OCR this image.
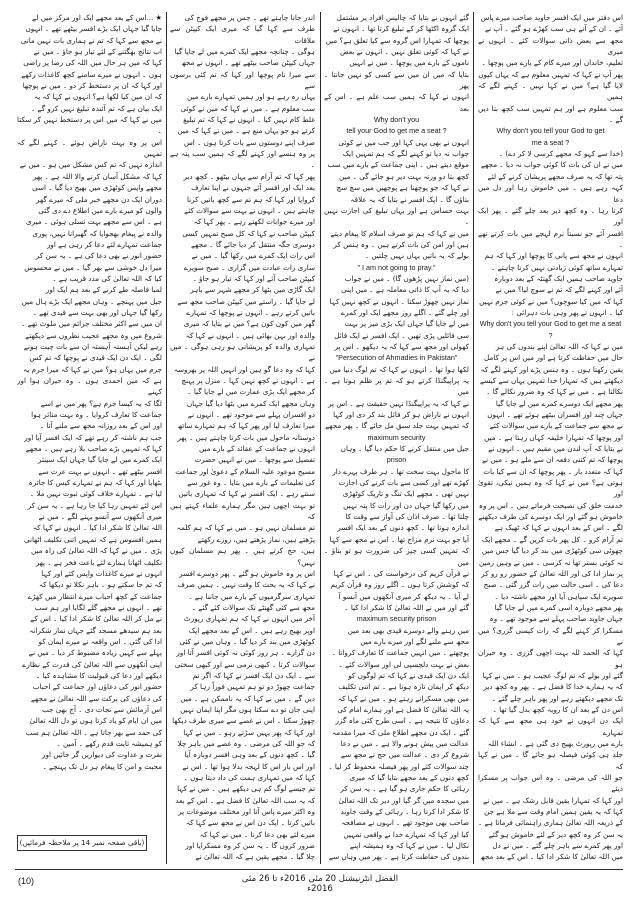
اس دفتر میں ایک افسر جاوید صاحب میرے پاس

آئے ۔ ان کے آتے ہی سب کھڑے ہو گئے ۔ آپ نے

مجھ سے بعض ذاتی سوالات کئے ۔ انہوں نے میری

تعلیم، خاندان اور میرے کام کے بارے میں پوچھا ۔

پھر آپ نے کہا کہ تمہیں معلوم ہے کہ یہاں کیوں

لایا گیا ہے؟ میں نے کہا نہیں ۔ کہنے لگے کہ ہمیں

سب معلوم ہے اور ہم تمہیں سب کچھ بتا دیں گے ۔

Why don't you tell your God to get

me a seat ?

(خدا سے کہو کہ مجھے کرسی لا کر دے) ۔

میں نے ان کی بات کا کوئی جواب نہ دیا ۔ مجھے

پتہ تھا کہ یہ صرف مجھے پریشان کرنے کے لئے

کہہ رہے ہیں ۔ میں خاموش رہا اور دل میں دعا

کرتا رہا ۔ وہ کچھ دیر بعد چلے گئے ۔ پھر ایک اور

افسر آئے جو نسبتاً نرم لہجے میں بات کرتے تھے ۔

انہوں نے مجھ سے پانی کا پوچھا اور کہا کہ ہم

تمہارے ساتھ کوئی زیادتی نہیں کرنا چاہتے ۔

جاوید صاحب ہمیں ایک گھنٹہ کے بعد دوبارہ

آئے اور کہنے لگے کہ تم نے سوچ لیا؟ میں نے

کہا کہ میں کیا سوچوں؟ میں نے کوئی جرم نہیں

کیا ۔ انہوں نے پھر وہی بات دہرائی :

Why don't you tell your God to get me a seat ?

میں نے کہا کہ اللہ تعالیٰ اپنے بندوں کی ہر

حال میں حفاظت کرتا ہے اور میں اس پر کامل

یقین رکھتا ہوں ۔ وہ ہنس پڑے اور کہنے لگے کہ

دیکھتے ہیں کہ تمہارا خدا تمہیں یہاں سے کیسے

نکالتا ہے ۔ میں نے کہا کہ وہ ضرور نکالے گا ۔

پھر مجھے ایک دوسرے کمرے میں لے جایا گیا

جہاں چند اور افسران بیٹھے ہوئے تھے ۔ انہوں

نے مجھ سے جماعت کے بارے میں سوالات کئے

اور پوچھا کہ تمہارا خلیفہ کہاں رہتا ہے ۔ میں

نے بتایا کہ آپ لندن میں مقیم ہیں ۔ انہوں نے

پوچھا کہ تم کتنی دفعہ ان سے ملے ہو ۔ میں نے

کہا کہ متعدد بار ۔ پھر پوچھا کہ ان سے کیا بات

ہوتی ہے؟ میں نے کہا کہ وہ ہمیں نیکی، تقویٰ اور

خدمت خلق کی نصیحت فرماتے ہیں ۔ اس پر وہ

خاموش ہو گئے اور ایک دوسرے کی طرف دیکھنے

لگے ۔ اس کے بعد انہوں نے کہا کہ ٹھیک ہے

تم آرام کرو ۔ کل پھر بات کریں گے ۔ مجھے ایک

چھوٹی سی کوٹھڑی میں بند کر دیا گیا جس میں

نہ کوئی بستر تھا نہ کرسی ۔ میں نے وہیں زمین

پر نماز ادا کی اور اللہ تعالیٰ کے حضور رو رو کر

دعا کی ۔ اسی حالت میں رات گزر گئی ۔ صبح

سویرے ایک سپاہی آیا اور مجھے ناشتہ دیا ۔

پھر مجھے دوبارہ اسی کمرے میں لے جایا گیا

جہاں جاوید صاحب پہلے سے موجود تھے ۔ وہ

مسکرا کر کہنے لگے کہ رات کیسی گزری؟ میں نے

کہا کہ الحمد للہ بہت اچھی گزری ۔ وہ حیران ہو

گئے اور بولے کہ تم لوگ عجیب ہو ۔ میں نے کہا

کہ یہ ہمارے خدا کا فضل ہے ۔ پھر وہ کچھ دیر

تک مجھے دیکھتے رہے اور پھر باہر چلے گئے ۔

اس دن کے بعد ان کا رویہ کچھ بدل گیا تھا ۔

ایک دن انہوں نے خود ہی مجھ سے کہا کہ تمہارے

بارے میں رپورٹ بھیج دی گئی ہے ۔ انشاء اللہ

جلد ہی کوئی فیصلہ ہو جائے گا ۔ میں نے کہا کہ

جو اللہ کی مرضی ۔ وہ اس جواب پر مسکرا دیئے

اور کہا کہ تمہارا یقین قابل رشک ہے ۔ میں نے

کہا کہ یہ یقین ہمیں امام وقت سے ملا ہے جن

کے ذریعہ اللہ تعالیٰ ہماری راہنمائی فرماتا ہے ۔

یہ سن کر وہ کچھ دیر کے لئے خاموش ہو گئے

اور پھر کمرے سے باہر چلے گئے ۔ میں نے دل

میں اللہ تعالیٰ کا شکر ادا کیا ۔ اس کے بعد مجھ

گئے انہوں نے بتایا کہ چالیس افراد پر مشتمل

ایک گروہ اکٹھا کر کے تبلیغ کرتا تھا ۔ انہوں نے

پوچھا کہ تمہارا اس گروہ سے کیا تعلق ہے؟ میں

نے کہا کہ کوئی تعلق نہیں ۔ انہوں نے بعض

ناموں کے بارے میں پوچھا ۔ میں نے انہیں

بتایا کہ میں ان میں سے کسی کو نہیں جانتا ۔ پھر

انہوں نے کہا کہ ہمیں سب علم ہے ۔ اس کے بعد

Why don't you

tell your God to get me a seat ?

انہوں نے بھی یہی کہا اور جب میں نے کوئی

جواب نہ دیا تو کہنے لگے کہ ہم تمہیں ایک

موقع دیتے ہیں ۔ اپنی جماعت کے بارے میں سب

کچھ بتا دو ورنہ بہت دیر ہو جائے گی ۔ میں

نے کہا کہ جو پوچھنا ہے پوچھیں میں سچ سچ

بتاؤں گا ۔ ایک افسر نے بتایا کہ یہ علاقہ

بہت حساس ہے اور یہاں تبلیغ کی اجازت نہیں ۔

میں نے کہا کہ ہم تو صرف اسلام کا پیغام دیتے

ہیں اور امن کی بات کرتے ہیں ۔ وہ ہنس کر

بولے کہ یہ باتیں یہاں نہیں چلتیں ۔

" I am not going to pray."

(میں نماز نہیں پڑھوں گا) ۔ میں نے جواب

دیا کہ یہ آپ کا ذاتی معاملہ ہے ۔ میں اپنی

نماز نہیں چھوڑ سکتا ۔ انہوں نے کچھ نہیں کہا

اور چلے گئے ۔ اگلے روز مجھے ایک اور کمرے

میں لے جایا گیا جہاں ایک بڑی میز پر بہت

سی فائلیں پڑی تھیں ۔ ایک افسر نے ایک فائل

کھولی اور مجھ سے کہا کہ یہ دیکھو ۔ اس پر

"Persecution of Ahmadies in Pakistan"

لکھا ہوا تھا ۔ انہوں نے کہا کہ تم لوگ دنیا میں

یہ پراپیگنڈا کرتے ہو کہ تم پر ظلم ہوتا ہے ۔ میں

نے کہا کہ یہ پراپیگنڈا نہیں حقیقت ہے ۔ اس پر

انہوں نے ناراض ہو کر فائل بند کر دی اور کہا

کہ تمہیں بہت جلد سبق مل جائے گا ۔ پھر مجھے

maximum security

جیل میں منتقل کرنے کا حکم دیا گیا ۔ وہاں

prison

کا ماحول بہت سخت تھا ۔ ہر طرف پہرے دار

کھڑے تھے اور کسی سے بات کرنے کی اجازت

نہیں تھی ۔ مجھے ایک تنگ و تاریک کوٹھڑی

میں رکھا گیا جہاں دن اور رات کا پتہ نہیں

چلتا تھا ۔ صرف اذان کی آواز سے وقت کا

اندازہ ہوتا تھا ۔ کچھ دنوں کے بعد ایک افسر

آیا جو بہت نرم مزاج تھا ۔ اس نے مجھ سے کہا

کہ تمہیں کسی چیز کی ضرورت ہو تو بتاؤ ۔ میں

نے قرآن کریم کی درخواست کی ۔ اس نے کہا

کہ کوشش کرتا ہوں ۔ اگلے روز وہ قرآن کریم

لے آیا ۔ یہ دیکھ کر میری آنکھوں میں آنسو آ

گئے اور میں نے اللہ تعالیٰ کا شکر ادا کیا ۔

maximum security prison

میں رہنے والے دوسرے قیدی بھی بعد میں

مجھ سے ملنے لگے اور میرے بارے میں

پوچھتے ۔ میں انہیں جماعت کا تعارف کرواتا ۔

بعض نے بہت دلچسپی لی اور سوالات کئے ۔

ایک دن ایک قیدی نے کہا کہ تم لوگوں کو

دیکھ کر ایمان تازہ ہوتا ہے ۔ تم اتنی تکلیف

میں بھی مسکراتے رہتے ہو ۔ میں نے کہا کہ

یہ اللہ تعالیٰ کا فضل ہے اور ہمارے امام کی

دعاؤں کا نتیجہ ہے ۔ اسی طرح کئی ماہ گزر

گئے ۔ ایک دن مجھے اطلاع ملی کہ میرا مقدمہ

عدالت میں پیش ہونے والا ہے ۔ میں نے دعا

شروع کر دی ۔ عدالت میں جج نے مجھ سے

چند سوالات کئے اور پھر فیصلہ محفوظ کر لیا ۔

کچھ دنوں کے بعد مجھے بتایا گیا کہ میری

رہائی کا حکم جاری ہو گیا ہے ۔ یہ سن کر

میں سجدہ میں گر گیا اور دیر تک اللہ تعالیٰ

کا شکر ادا کرتا رہا ۔ رہائی کے وقت جاوید

صاحب بھی موجود تھے ۔ انہوں نے مصافحہ

کیا اور کہا کہ تمہارے خدا نے واقعی تمہیں

نکال لیا ۔ میں نے کہا کہ وہ ہمیشہ اپنے

بندوں کی حفاظت کرتا ہے ۔ پھر میں وہاں سے

اندر جانا چاہتے تھے ۔ جس پر مجھے فوج کی

طرف سے کہا گیا کہ میری ایک کیپٹن سے ملاقات

ہوگی ۔ چنانچہ مجھے ایک کمرے میں لے جایا گیا

جہاں کیپٹن صاحب بیٹھے تھے ۔ انہوں نے مجھ

سے میرا نام پوچھا اور کہا کہ تم کئی برسوں سے

یہاں رہ رہے ہو اور ہمیں تمہارے بارے میں

سب معلوم ہے ۔ میں نے کہا کہ میں نے کوئی

غلط کام نہیں کیا ۔ انہوں نے کہا کہ تم تبلیغ

کرتے ہو جو یہاں منع ہے ۔ میں نے کہا کہ میں

صرف اپنے دوستوں سے بات کرتا ہوں ۔ اس

پر وہ ہنسے اور کہنے لگے کہ ہمیں سب پتہ ہے ۔

پھر کہا کہ تم آرام سے یہاں بیٹھو ۔ کچھ دیر

بعد ایک اور افسر آئے جنہوں نے اپنا تعارف

کروایا اور کہا کہ ہم تم سے کچھ باتیں کرنا

چاہتے ہیں ۔ انہوں نے بہت سے سوالات کئے

اور میرے جوابات لکھتے رہے ۔ پھر کہا کہ

کیپٹن صاحب نے کہا کہ کل صبح تمہیں کسی

دوسری جگہ منتقل کر دیا جائے گا ۔ مجھے

اس رات ایک کمرے میں رکھا گیا ۔ میں نے

ساری رات عبادت میں گزاری ۔ صبح سویرے

کیپٹن صاحب آئے اور کہا کہ تیار ہو جاؤ ۔

ایک گاڑی میں بٹھا کر مجھے شہر سے باہر

لے جایا گیا ۔ راستے میں کیپٹن صاحب مجھ سے

باتیں کرتے رہے ۔ انہوں نے پوچھا کہ تمہارے

گھر میں کون کون ہے؟ میں نے بتایا کہ میری

والدہ اور بہن بھائی ہیں ۔ انہوں نے کہا کہ

تمہاری والدہ کو پریشانی ہو رہی ہوگی ۔ میں نے

کہا کہ وہ دعا گو ہیں اور انہیں اللہ پر بھروسہ

ہے ۔ انہوں نے کچھ نہیں کہا ۔ منزل پر پہنچ

کر مجھے ایک بڑی عمارت میں لے جایا گیا ۔

وہاں مجھے ایک کمرے میں بٹھا دیا گیا جہاں

دو افسران پہلے سے موجود تھے ۔ انہوں نے

میرا تعارف لیا اور پھر کہا کہ ہم تمہارے ساتھ

دوستانہ ماحول میں بات کرنا چاہتے ہیں ۔ پھر

انہوں نے جماعت کے عقائد کے بارے میں

تفصیل سے پوچھا ۔ میں نے انہیں حضرت

مسیح موعود علیہ السلام کے دعویٰ اور جماعت

کی تعلیمات کے بارے میں بتایا ۔ وہ غور سے

سنتے رہے ۔ ایک افسر نے کہا کہ تمہاری باتیں

تو بہت اچھی ہیں مگر ہمارے علماء کہتے ہیں کہ

تم مسلمان نہیں ہو ۔ میں نے کہا کہ ہم کلمہ

پڑھتے ہیں، نماز پڑھتے ہیں، روزے رکھتے

ہیں، حج کرتے ہیں ۔ پھر ہم مسلمان کیوں نہیں؟

اس پر وہ خاموش ہو گئے ۔ پھر دوسرے افسر

نے کہا کہ یہ بحث کا وقت نہیں ۔ ہمیں صرف

تمہاری سرگرمیوں کے بارے میں جاننا ہے ۔

مجھ سے کئی گھنٹے تک سوالات کئے گئے ۔

آخر میں انہوں نے کہا کہ ہم تمہاری رپورٹ

اوپر بھیج رہے ہیں ۔ اس کے بعد مجھے ایک

کوٹھڑی میں بند کر دیا گیا ۔ وہاں میں نے کئی

دن گزارے ۔ ہر روز کوئی نہ کوئی افسر آتا اور

سوالات کرتا ۔ کبھی نرمی سے اور کبھی سختی

سے ۔ ایک دن ایک افسر نے کہا کہ اگر تم

جماعت چھوڑ دو تو ہم تمہیں فوراً رہا کر

دیں گے ۔ میں نے کہا کہ یہ ناممکن ہے ۔ میں

اپنی جان تو دے سکتا ہوں مگر اپنا ایمان نہیں

چھوڑ سکتا ۔ اس نے غصے سے میری طرف دیکھا

اور کہا کہ پھر یہیں سڑتے رہو ۔ میں نے کہا

کہ جو اللہ کی مرضی ۔ وہ غصے میں باہر چلا

گیا ۔ کچھ دنوں کے بعد وہی افسر دوبارہ آیا

اور اس بار اس کا لہجہ بدلا ہوا تھا ۔ اس نے

کہا کہ میں تمہاری ہمت کی داد دیتا ہوں ۔

تم جیسے لوگ کم ہی دیکھے ہیں ۔ میں نے کہا

کہ یہ سب اللہ تعالیٰ کا فضل ہے ۔ اس کے بعد

وہ اکثر میرے پاس آتا اور مختلف موضوعات پر

باتیں کرتا ۔ ایک دن اس نے مجھ سے کہا کہ

میرے لئے بھی دعا کرنا ۔ میں نے کہا کہ

ضرور کروں گا ۔ یہ سن کر وہ مسکرایا اور

چلا گیا ۔ مجھے یقین ہے کہ اللہ تعالیٰ نے

★ ...اس کے بعد مجھے ایک اور مرکز میں لے

جایا گیا جہاں ایک بڑے افسر بیٹھے تھے ۔ انہوں

نے مجھ سے کہا کہ تم نے ہماری بات نہیں مانی

اب نتائج بھگتنے کے لئے تیار ہو جاؤ ۔ میں نے

کہا کہ میں ہر حال میں اللہ کی رضا پر راضی

ہوں ۔ انہوں نے میرے سامنے کچھ کاغذات رکھے

اور کہا کہ ان پر دستخط کر دو ۔ میں نے پوچھا

کہ ان میں کیا لکھا ہے؟ انہوں نے کہا کہ یہ

ایک بیان ہے کہ تم آئندہ تبلیغ نہیں کرو گے ۔

میں نے کہا کہ میں اس پر دستخط نہیں کر سکتا ۔

اس پر وہ بہت ناراض ہوئے ۔ کہنے لگے کہ تمہیں

اندازہ نہیں کہ تم کس مشکل میں ہو ۔ میں نے

کہا کہ مشکل آسان کرنے والا اللہ ہے ۔ پھر

مجھے واپس کوٹھڑی میں بھیج دیا گیا ۔ اسی

دوران ایک دن مجھے خبر ملی کہ میرے گھر

والوں کو میرے بارے میں اطلاع دے دی گئی

ہے ۔ اس سے مجھے بہت تسلی ہوئی ۔ میری

والدہ نے پیغام بھجوایا کہ گھبرانا نہیں، پوری

جماعت تمہارے لئے دعا کر رہی ہے اور

حضور انور نے بھی دعا کی ہے ۔ یہ سن کر

میرا دل خوشی سے بھر گیا ۔ میں نے محسوس

کیا کہ اللہ تعالیٰ کی مدد قریب ہے ۔

لمبا فاصلہ طے کرنے کے بعد ہم ایک اور

جیل میں پہنچے ۔ وہاں مجھے ایک بڑے ہال میں

رکھا گیا جہاں اور بھی بہت سے قیدی تھے ۔

ان میں سے اکثر مختلف جرائم میں ملوث تھے ۔

شروع میں وہ مجھے عجیب نظروں سے دیکھتے

رہے لیکن آہستہ آہستہ ان سے بات چیت ہونے

لگی ۔ ایک دن ایک قیدی نے پوچھا کہ تم کس

جرم میں یہاں ہو؟ میں نے کہا کہ میرا جرم یہ

ہے کہ میں احمدی ہوں ۔ وہ حیران ہوا اور کہنے

لگا کہ یہ کیسا جرم ہے؟ پھر میں نے اسے

جماعت کا تعارف کروایا ۔ وہ بہت متاثر ہوا

اور اس کے بعد روزانہ مجھ سے ملنے آتا ۔

جب ہم ناشتہ کر رہے تھے کہ ایک افسر آیا اور

کہا کہ تمہیں بڑے صاحب بلا رہے ہیں ۔ مجھے

ایک کمرے میں لے جایا گیا جہاں ایک سینئر

افسر بیٹھے تھے ۔ انہوں نے بہت عزت سے

بٹھایا اور کہا کہ ہم نے تمہارے کیس کا جائزہ

لیا ہے ۔ تمہارے خلاف کوئی ثبوت نہیں ملا ۔

اس لئے تمہیں رہا کیا جا رہا ہے ۔ یہ سن کر

میری آنکھوں سے آنسو بہنے لگے ۔ میں نے

اللہ تعالیٰ کا شکر ادا کیا ۔ انہوں نے کہا کہ

ہمیں افسوس ہے کہ تمہیں اتنی تکلیف اٹھانی

پڑی ۔ میں نے کہا کہ اللہ تعالیٰ کی راہ میں

تکلیف اٹھانا ہمارے لئے باعث فخر ہے ۔ پھر

انہوں نے میرے کاغذات واپس کئے اور کہا

کہ تم جا سکتے ہو ۔ باہر نکلا تو دیکھا کہ

جماعت کے کچھ احباب میرے انتظار میں کھڑے

تھے ۔ انہوں نے مجھے گلے لگایا اور ہم سب

نے مل کر اللہ تعالیٰ کا شکر ادا کیا ۔ اس کے

بعد ہم سیدھے مسجد گئے جہاں نماز شکرانہ

ادا کی گئی ۔ اس واقعہ نے میرے ایمان کو

پہلے سے کہیں زیادہ مضبوط کر دیا ۔ میں نے

اپنی آنکھوں سے اللہ تعالیٰ کی قدرت کے نظارے

دیکھے اور دعا کی قبولیت کا مشاہدہ کیا ۔

حضور انور کی دعاؤں اور جماعت کے احباب

کی دعاؤں کی برکت سے اللہ تعالیٰ نے مجھے

اس آزمائش سے نجات دی ۔ آج بھی جب

میں ان ایام کو یاد کرتا ہوں تو دل اللہ تعالیٰ

کی حمد سے بھر جاتا ہے ۔ اللہ تعالیٰ ہم سب

کو ہمیشہ ثابت قدم رکھے ۔ آمین ۔

نفرت و عداوت کی دیواریں گر جائیں اور

محبت و امن کا پیغام ہر دل تک پہنچے ۔

(باقی صفحہ نمبر 14 پر ملاحظہ فرمائیں)
(10)	الفضل انٹرنیشنل 20 مئی 2016ء تا 26 مئی 2016ء
